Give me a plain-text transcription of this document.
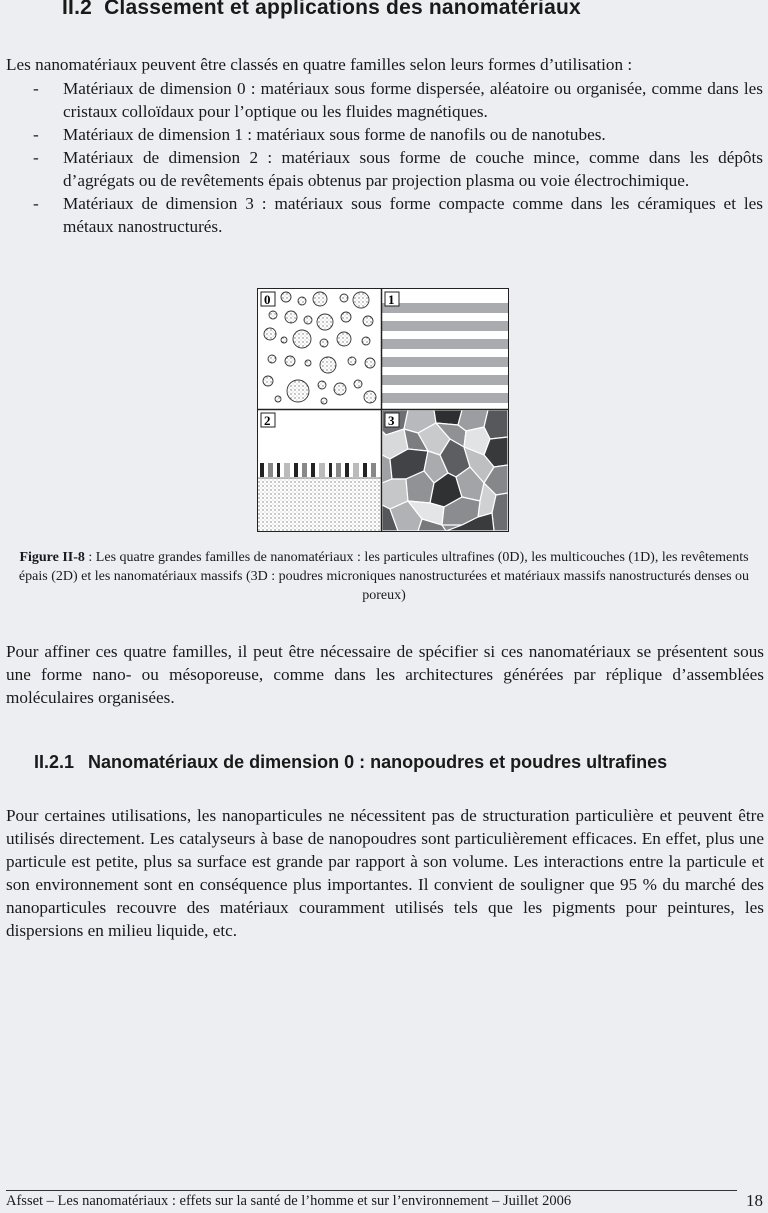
II.2 Classement et applications des nanomatériaux

Les nanomatériaux peuvent être classés en quatre familles selon leurs formes d’utilisation :

- Matériaux de dimension 0 : matériaux sous forme dispersée, aléatoire ou organisée, comme dans les cristaux colloïdaux pour l’optique ou les fluides magnétiques.
- Matériaux de dimension 1 : matériaux sous forme de nanofils ou de nanotubes.
- Matériaux de dimension 2 : matériaux sous forme de couche mince, comme dans les dépôts d’agrégats ou de revêtements épais obtenus par projection plasma ou voie électrochimique.
- Matériaux de dimension 3 : matériaux sous forme compacte comme dans les céramiques et les métaux nanostructurés.
0	1
2	3

Figure II-8 : Les quatre grandes familles de nanomatériaux : les particules ultrafines (0D), les multicouches (1D), les revêtements épais (2D) et les nanomatériaux massifs (3D : poudres microniques nanostructurées et matériaux massifs nanostructurés denses ou poreux)

Pour affiner ces quatre familles, il peut être nécessaire de spécifier si ces nanomatériaux se présentent sous une forme nano- ou mésoporeuse, comme dans les architectures générées par réplique d’assemblées moléculaires organisées.

II.2.1 Nanomatériaux de dimension 0 : nanopoudres et poudres ultrafines

Pour certaines utilisations, les nanoparticules ne nécessitent pas de structuration particulière et peuvent être utilisés directement. Les catalyseurs à base de nanopoudres sont particulièrement efficaces. En effet, plus une particule est petite, plus sa surface est grande par rapport à son volume. Les interactions entre la particule et son environnement sont en conséquence plus importantes. Il convient de souligner que 95 % du marché des nanoparticules recouvre des matériaux couramment utilisés tels que les pigments pour peintures, les dispersions en milieu liquide, etc.

Afsset – Les nanomatériaux : effets sur la santé de l’homme et sur l’environnement – Juillet 2006	18
